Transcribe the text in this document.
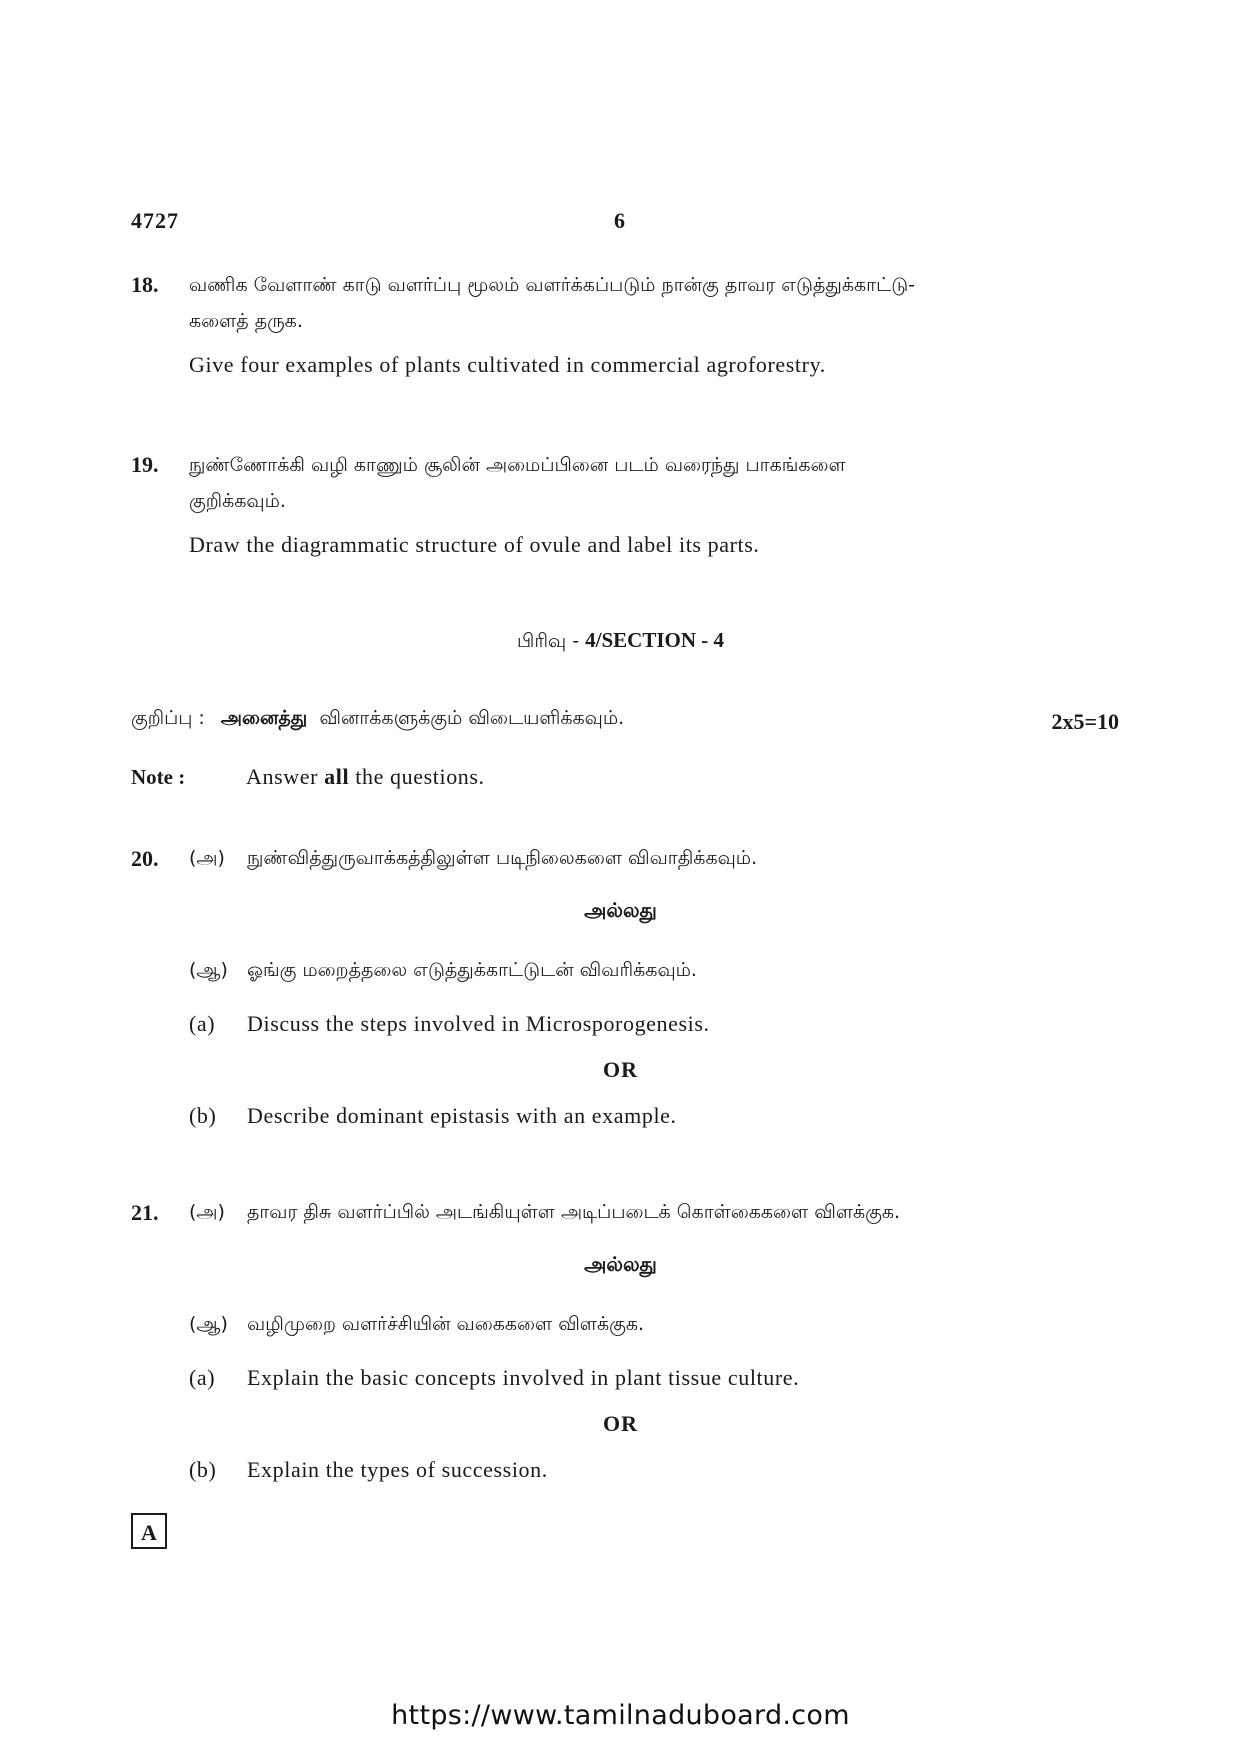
4727	6
18. வணிக வேளாண் காடு வளர்ப்பு மூலம் வளர்க்கப்படும் நான்கு தாவர எடுத்துக்காட்டு-
களைத் தருக.
Give four examples of plants cultivated in commercial agroforestry.
19. நுண்ணோக்கி வழி காணும் சூலின் அமைப்பினை படம் வரைந்து பாகங்களை
குறிக்கவும்.
Draw the diagrammatic structure of ovule and label its parts.
பிரிவு - 4/SECTION - 4
குறிப்பு : அனைத்து வினாக்களுக்கும் விடையளிக்கவும்.	2x5=10
Note :	Answer all the questions.
20. (அ) நுண்வித்துருவாக்கத்திலுள்ள படிநிலைகளை விவாதிக்கவும்.
அல்லது
(ஆ) ஓங்கு மறைத்தலை எடுத்துக்காட்டுடன் விவரிக்கவும்.
(a) Discuss the steps involved in Microsporogenesis.
OR
(b) Describe dominant epistasis with an example.
21. (அ) தாவர திசு வளர்ப்பில் அடங்கியுள்ள அடிப்படைக் கொள்கைகளை விளக்குக.
அல்லது
(ஆ) வழிமுறை வளர்ச்சியின் வகைகளை விளக்குக.
(a) Explain the basic concepts involved in plant tissue culture.
OR
(b) Explain the types of succession.
A
https://www.tamilnaduboard.com
